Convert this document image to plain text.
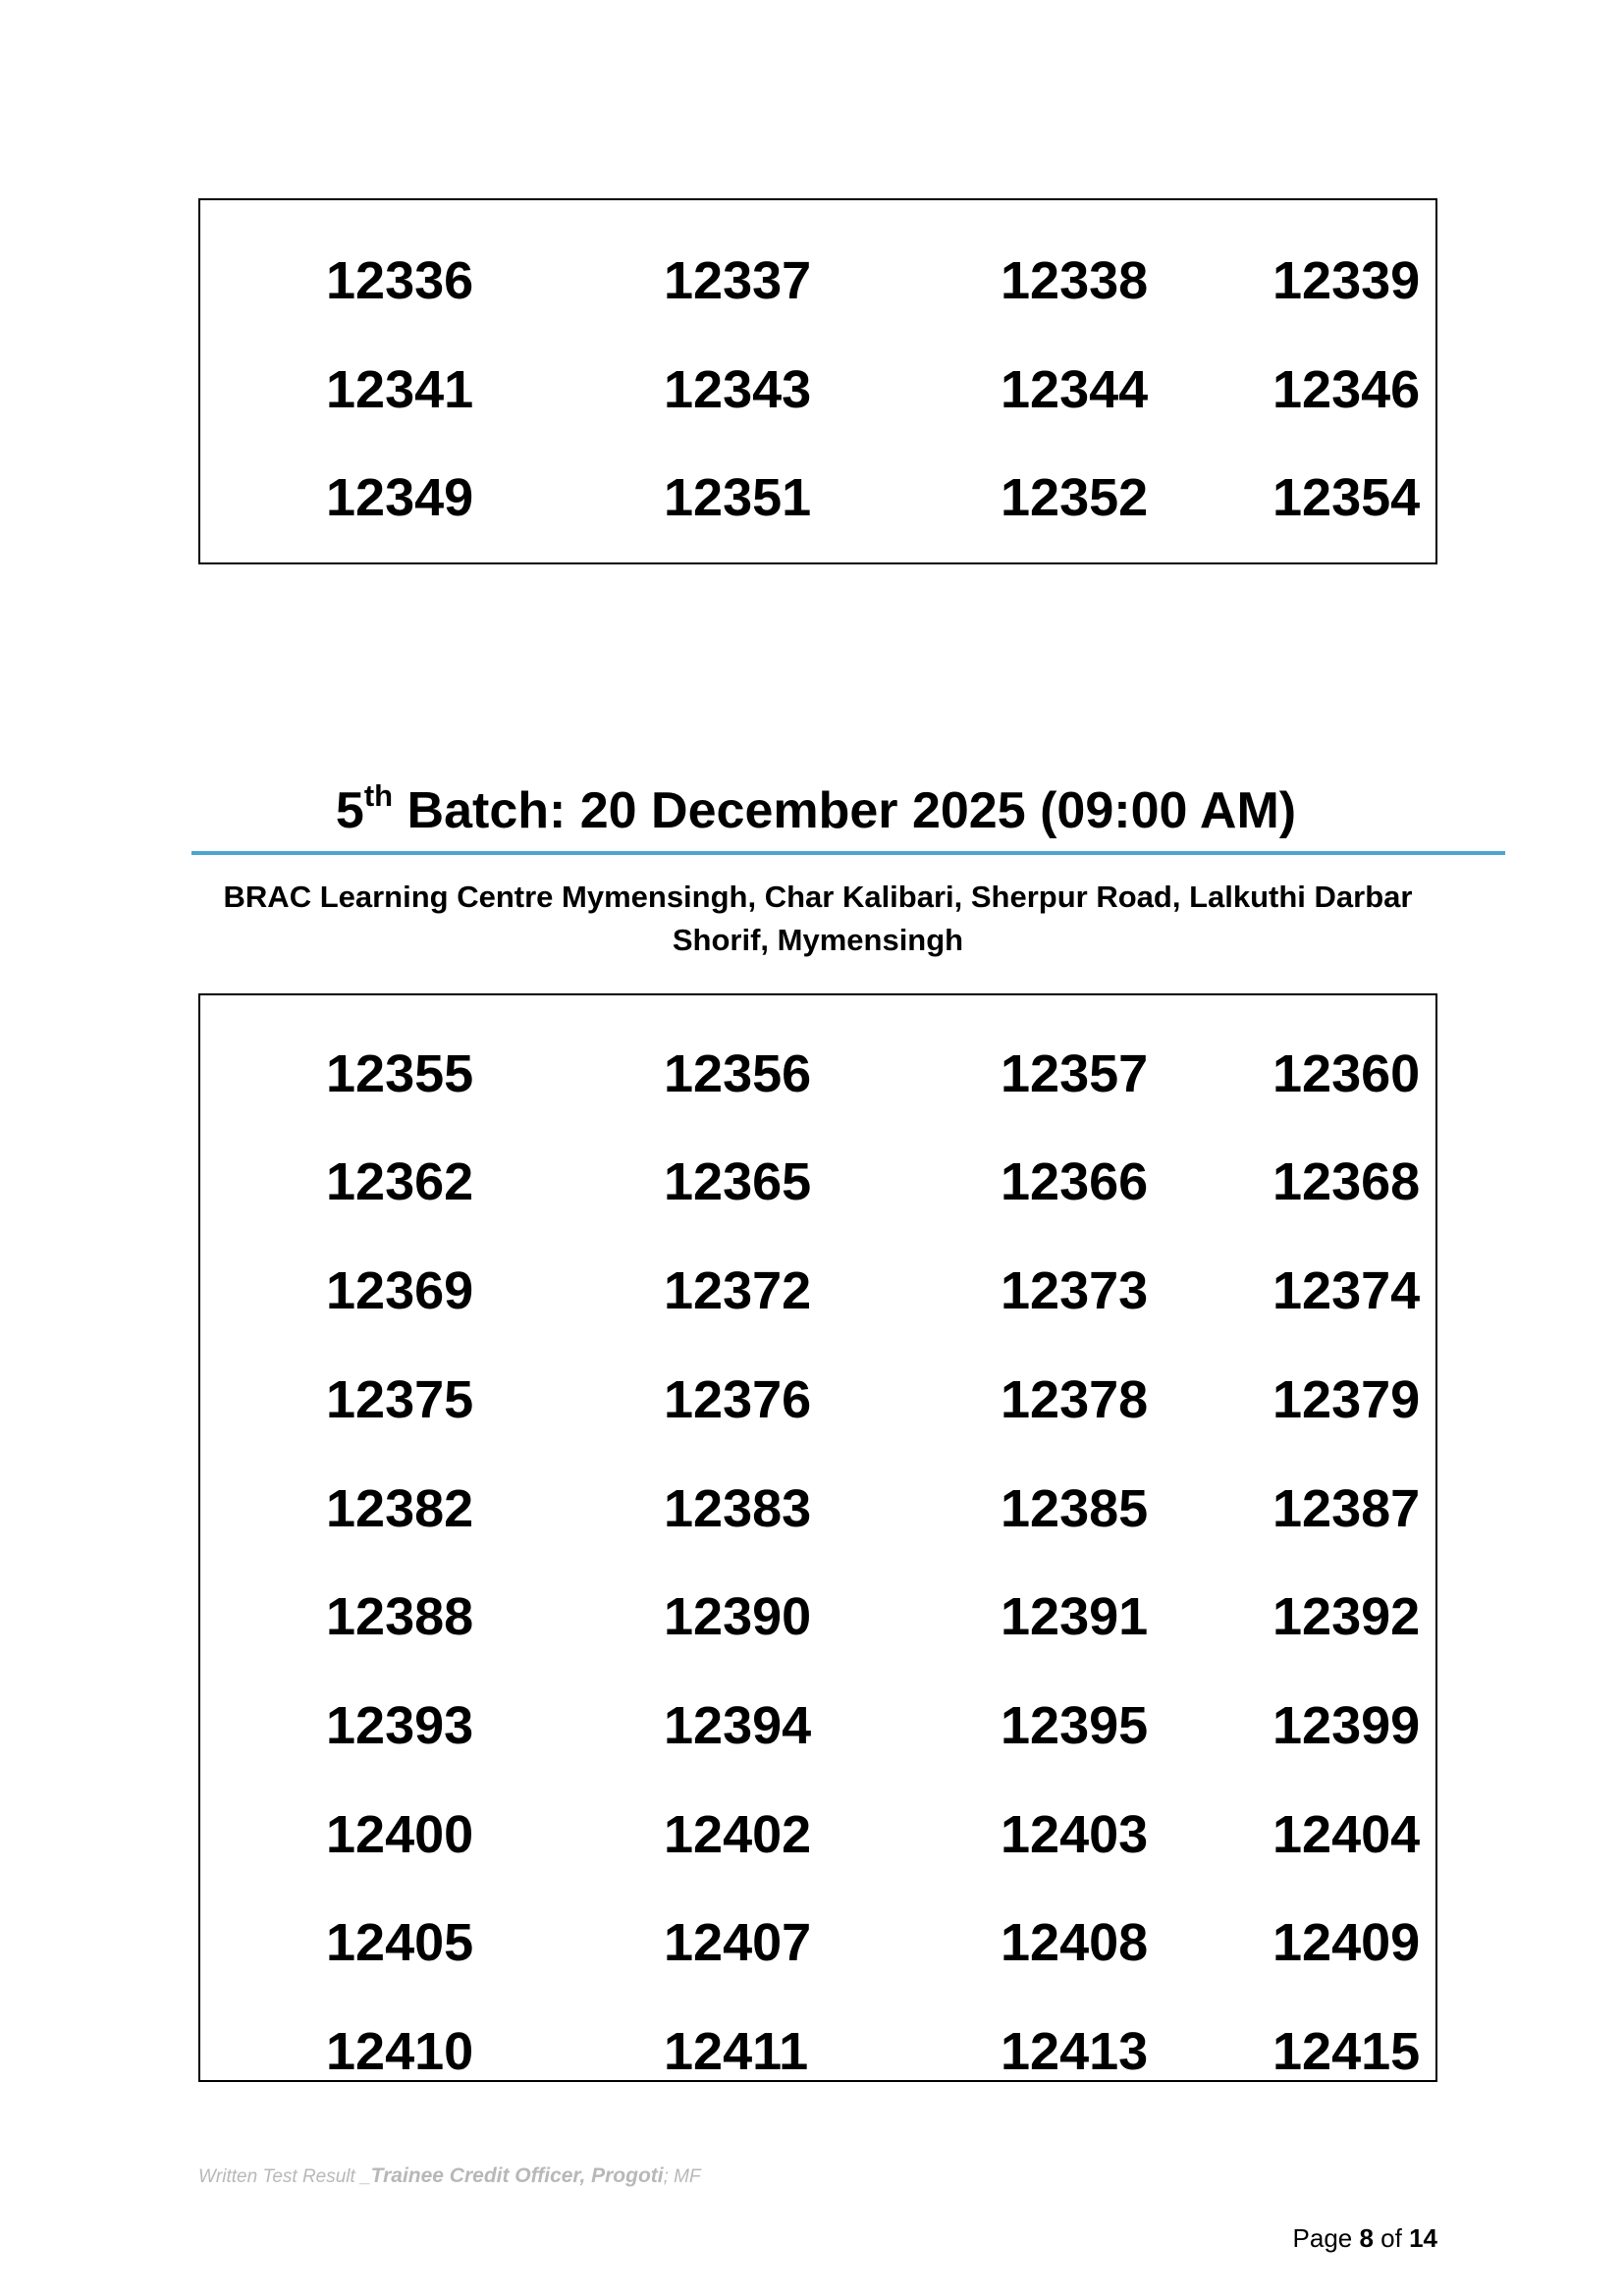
12336	12337	12338 12339
12341	12343	12344 12346
12349	12351	12352 12354
5th Batch: 20 December 2025 (09:00 AM)
BRAC Learning Centre Mymensingh, Char Kalibari, Sherpur Road, Lalkuthi Darbar Shorif, Mymensingh
12355	12356	12357 12360
12362	12365	12366 12368
12369	12372	12373 12374
12375	12376	12378 12379
12382	12383	12385 12387
12388	12390	12391 12392
12393	12394	12395 12399
12400	12402	12403 12404
12405	12407	12408 12409
12410	12411	12413 12415
Written Test Result _Trainee Credit Officer, Progoti; MF
Page 8 of 14
